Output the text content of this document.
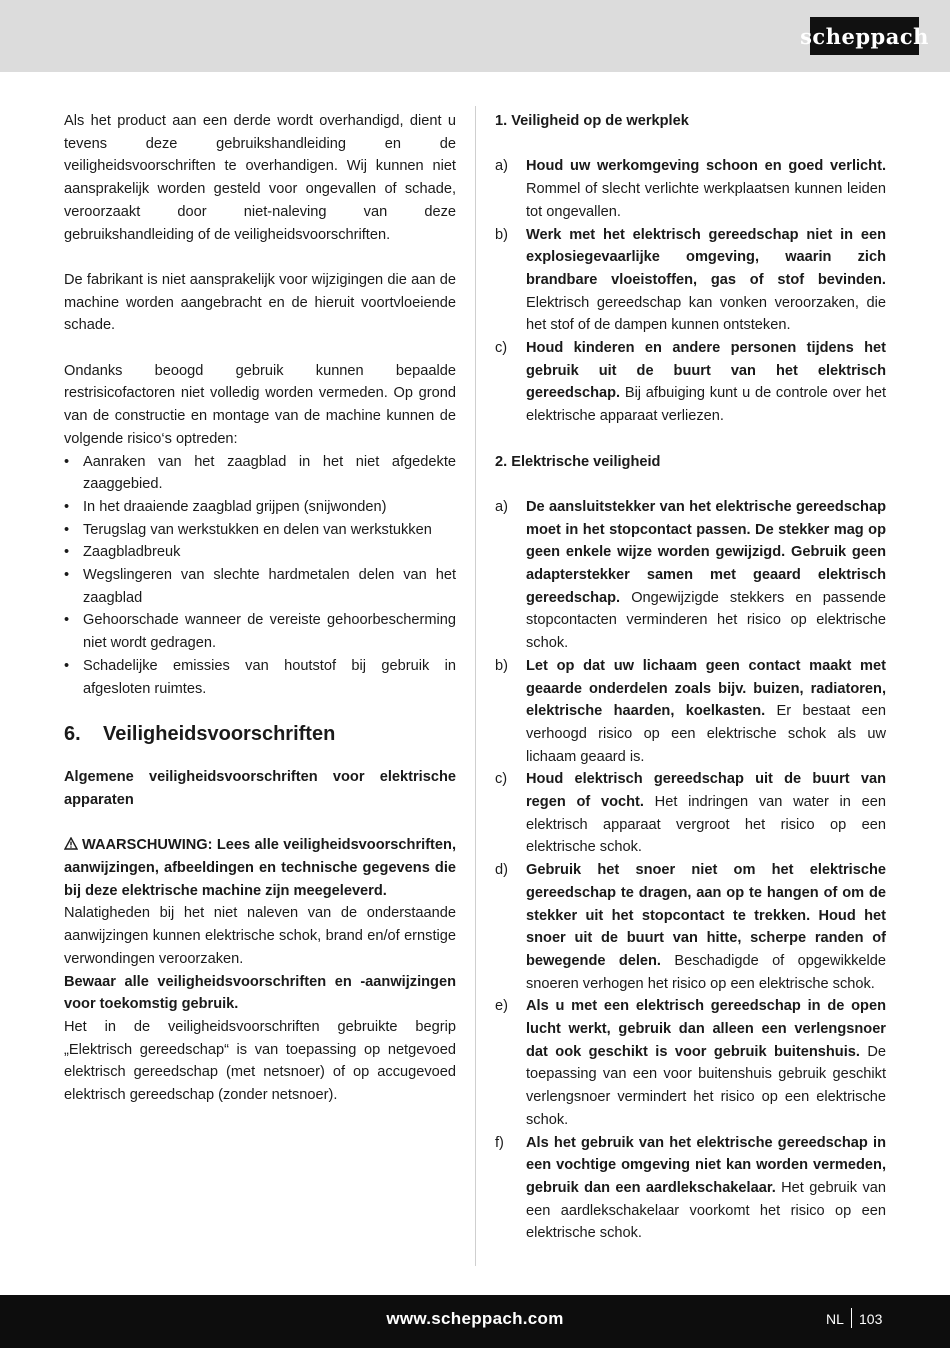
scheppach

Als het product aan een derde wordt overhandigd, dient u tevens deze gebruikshandleiding en de veiligheidsvoorschriften te overhandigen. Wij kunnen niet aansprakelijk worden gesteld voor ongevallen of schade, veroorzaakt door niet-naleving van deze gebruikshandleiding of de veiligheidsvoorschriften.

De fabrikant is niet aansprakelijk voor wijzigingen die aan de machine worden aangebracht en de hieruit voortvloeiende schade.

Ondanks beoogd gebruik kunnen bepaalde restrisicofactoren niet volledig worden vermeden. Op grond van de constructie en montage van de machine kunnen de volgende risico‘s optreden:

• Aanraken van het zaagblad in het niet afgedekte zaaggebied.
• In het draaiende zaagblad grijpen (snijwonden)
• Terugslag van werkstukken en delen van werkstukken
• Zaagbladbreuk
• Wegslingeren van slechte hardmetalen delen van het zaagblad
• Gehoorschade wanneer de vereiste gehoorbescherming niet wordt gedragen.
• Schadelijke emissies van houtstof bij gebruik in afgesloten ruimtes.
6. Veiligheidsvoorschriften

Algemene veiligheidsvoorschriften voor elektrische apparaten

WAARSCHUWING: Lees alle veiligheidsvoorschriften, aanwijzingen, afbeeldingen en technische gegevens die bij deze elektrische machine zijn meegeleverd.

Nalatigheden bij het niet naleven van de onderstaande aanwijzingen kunnen elektrische schok, brand en/of ernstige verwondingen veroorzaken.

Bewaar alle veiligheidsvoorschriften en -aanwijzingen voor toekomstig gebruik.

Het in de veiligheidsvoorschriften gebruikte begrip „Elektrisch gereedschap“ is van toepassing op netgevoed elektrisch gereedschap (met netsnoer) of op accugevoed elektrisch gereedschap (zonder netsnoer).

1. Veiligheid op de werkplek

a) Houd uw werkomgeving schoon en goed verlicht. Rommel of slecht verlichte werkplaatsen kunnen leiden tot ongevallen.
b) Werk met het elektrisch gereedschap niet in een explosiegevaarlijke omgeving, waarin zich brandbare vloeistoffen, gas of stof bevinden. Elektrisch gereedschap kan vonken veroorzaken, die het stof of de dampen kunnen ontsteken.
c) Houd kinderen en andere personen tijdens het gebruik uit de buurt van het elektrisch gereedschap. Bij afbuiging kunt u de controle over het elektrische apparaat verliezen.

2. Elektrische veiligheid

a) De aansluitstekker van het elektrische gereedschap moet in het stopcontact passen. De stekker mag op geen enkele wijze worden gewijzigd. Gebruik geen adapterstekker samen met geaard elektrisch gereedschap. Ongewijzigde stekkers en passende stopcontacten verminderen het risico op elektrische schok.
b) Let op dat uw lichaam geen contact maakt met geaarde onderdelen zoals bijv. buizen, radiatoren, elektrische haarden, koelkasten. Er bestaat een verhoogd risico op een elektrische schok als uw lichaam geaard is.
c) Houd elektrisch gereedschap uit de buurt van regen of vocht. Het indringen van water in een elektrisch apparaat vergroot het risico op een elektrische schok.
d) Gebruik het snoer niet om het elektrische gereedschap te dragen, aan op te hangen of om de stekker uit het stopcontact te trekken. Houd het snoer uit de buurt van hitte, scherpe randen of bewegende delen. Beschadigde of opgewikkelde snoeren verhogen het risico op een elektrische schok.
e) Als u met een elektrisch gereedschap in de open lucht werkt, gebruik dan alleen een verlengsnoer dat ook geschikt is voor gebruik buitenshuis. De toepassing van een voor buitenshuis gebruik geschikt verlengsnoer vermindert het risico op een elektrische schok.
f) Als het gebruik van het elektrische gereedschap in een vochtige omgeving niet kan worden vermeden, gebruik dan een aardlekschakelaar. Het gebruik van een aardlekschakelaar voorkomt het risico op een elektrische schok.
www.scheppach.com	NL 103
